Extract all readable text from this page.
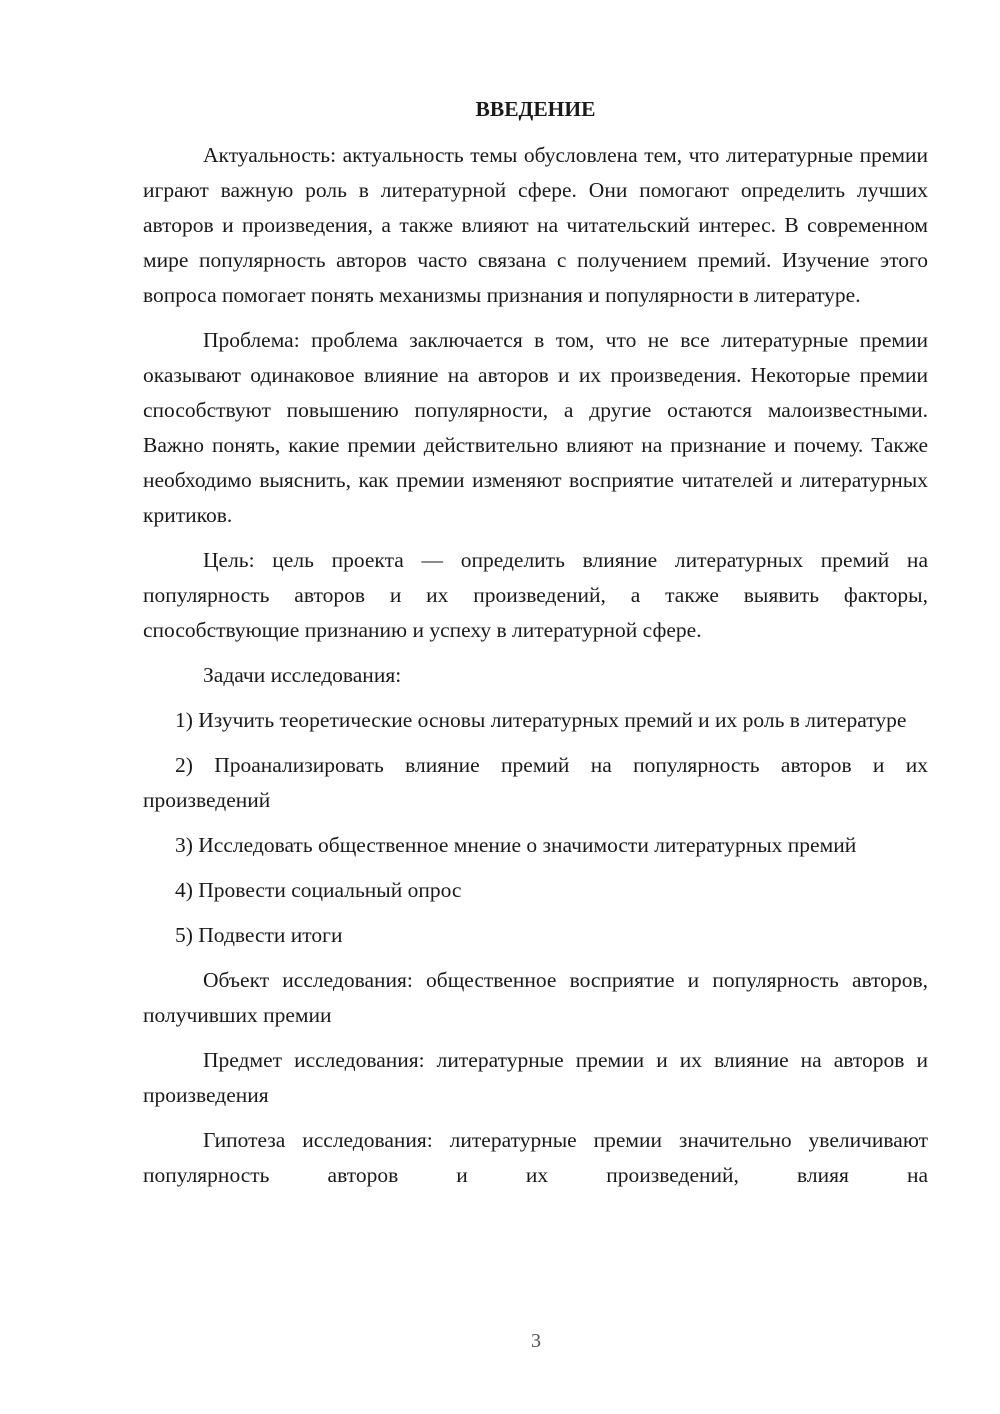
ВВЕДЕНИЕ

Актуальность: актуальность темы обусловлена тем, что литературные премии играют важную роль в литературной сфере. Они помогают определить лучших авторов и произведения, а также влияют на читательский интерес. В современном мире популярность авторов часто связана с получением премий. Изучение этого вопроса помогает понять механизмы признания и популярности в литературе.

Проблема: проблема заключается в том, что не все литературные премии оказывают одинаковое влияние на авторов и их произведения. Некоторые премии способствуют повышению популярности, а другие остаются малоизвестными. Важно понять, какие премии действительно влияют на признание и почему. Также необходимо выяснить, как премии изменяют восприятие читателей и литературных критиков.

Цель: цель проекта — определить влияние литературных премий на популярность авторов и их произведений, а также выявить факторы, способствующие признанию и успеху в литературной сфере.

Задачи исследования:

1) Изучить теоретические основы литературных премий и их роль в литературе

2) Проанализировать влияние премий на популярность авторов и их произведений

3) Исследовать общественное мнение о значимости литературных премий

4) Провести социальный опрос

5) Подвести итоги

Объект исследования: общественное восприятие и популярность авторов, получивших премии

Предмет исследования: литературные премии и их влияние на авторов и произведения

Гипотеза исследования: литературные премии значительно увеличивают популярность авторов и их произведений, влияя на

3
